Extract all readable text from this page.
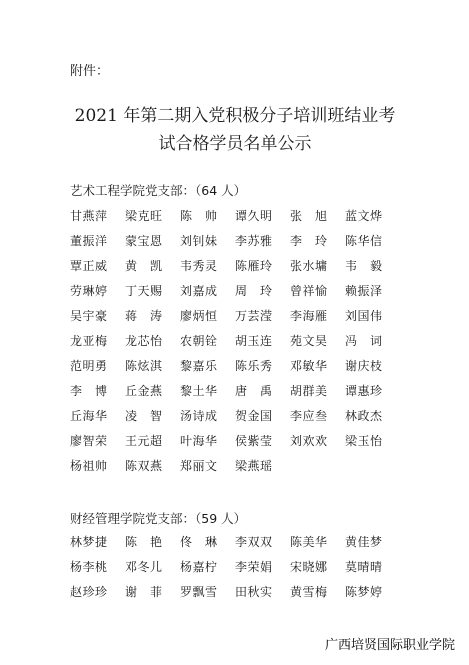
附件：
2021 年第二期入党积极分子培训班结业考
试合格学员名单公示
艺术工程学院党支部：（64 人）
甘燕萍	梁克旺	陈　帅	谭久明	张　旭	蓝文烨
董振洋	蒙宝恩	刘钊妹	李苏雅	李　玲	陈华信
覃正威	黄　凯	韦秀灵	陈雁玲	张水墉	韦　毅
劳琳婷	丁天赐	刘嘉成	周　玲	曾祥愉	赖振泽
吴宇豪	蒋　涛	廖炳恒	万芸滢	李海雁	刘国伟
龙亚梅	龙芯怡	农朝铨	胡玉连	苑文昊	冯　词
范明勇	陈炫淇	黎嘉乐	陈乐秀	邓敏华	谢庆枝
李　博	丘金燕	黎土华	唐　禹	胡群美	谭惠珍
丘海华	凌　智	汤诗成	贺金国	李应叁	林政杰
廖智荣	王元超	叶海华	侯紫莹	刘欢欢	梁玉怡
杨祖帅	陈双燕	郑丽文	梁燕瑶
财经管理学院党支部：（59 人）
林梦捷	陈　艳	佟　琳	李双双	陈美华	黄佳梦
杨李桃	邓冬儿	杨嘉柠	李荣娟	宋晓娜	莫晴晴
赵珍珍	谢　菲	罗飘雪	田秋实	黄雪梅	陈梦婷
广西培贤国际职业学院
